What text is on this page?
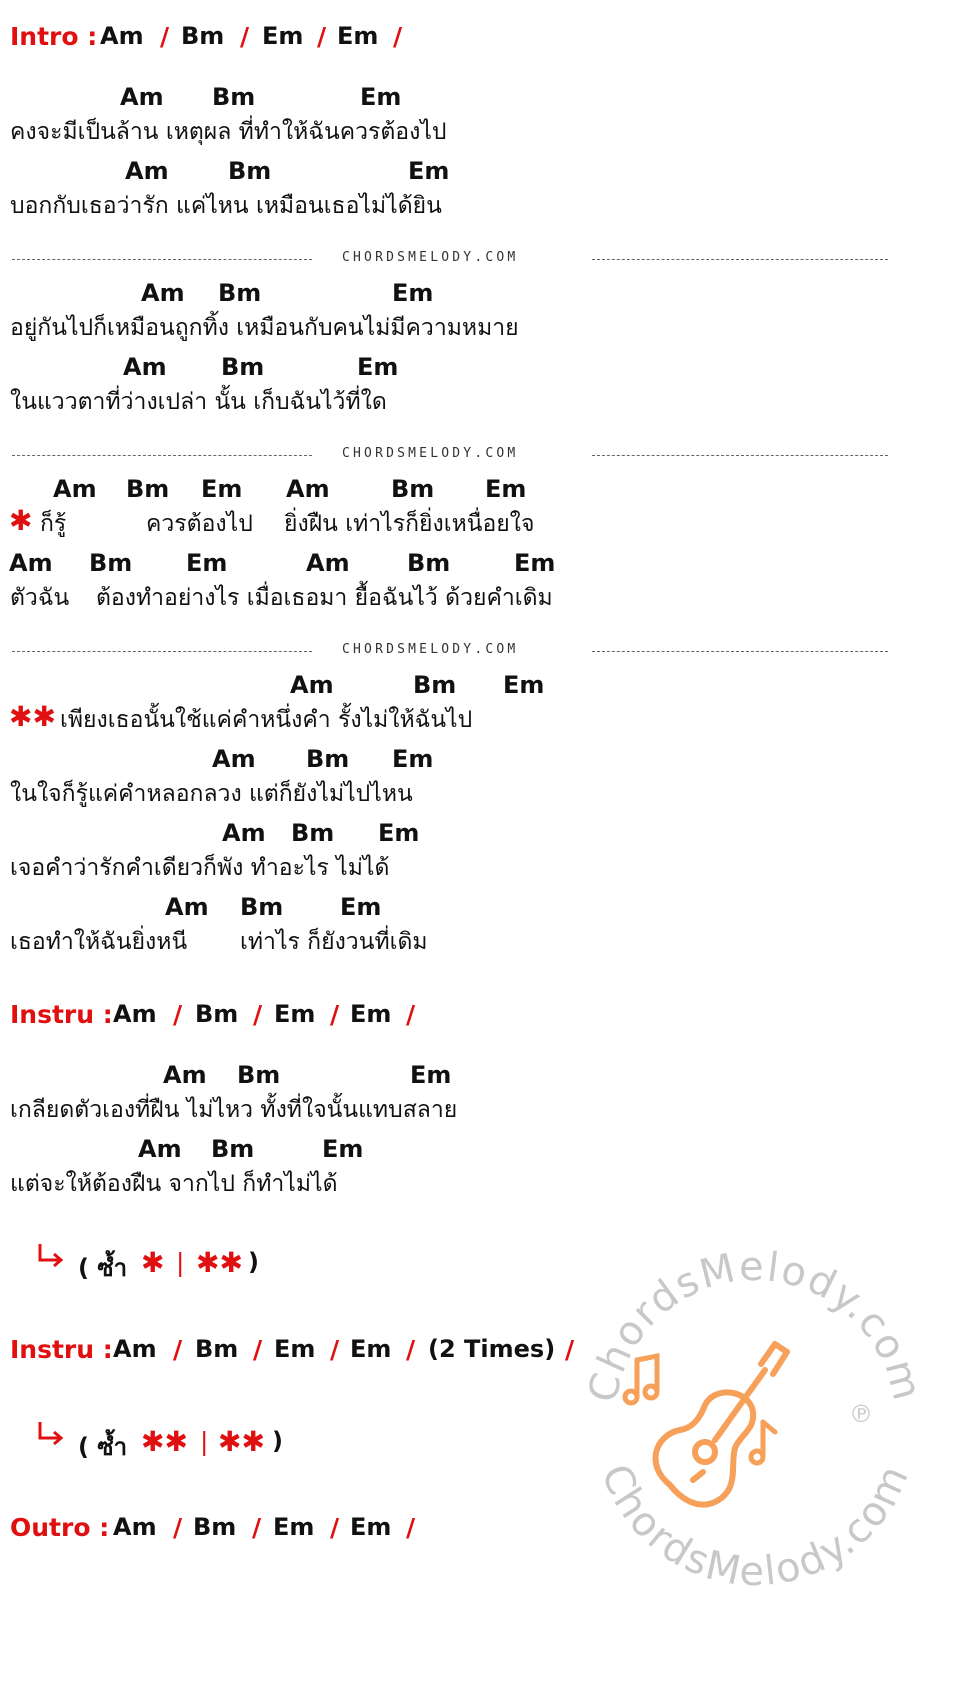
Intro : Am / Bm / Em / Em /
Am Bm	Em
คงจะมีเป็นล้าน เหตุผล ที่ทำให้ฉันควรต้องไป
Am Bm	Em
บอกกับเธอว่ารัก แค่ไหน เหมือนเธอไม่ได้ยิน
CHORDSMELODY.COM
Am Bm	Em
อยู่กันไปก็เหมือนถูกทิ้ง เหมือนกับคนไม่มีความหมาย
Am Bm	Em
ในแววตาที่ว่างเปล่า นั้น เก็บฉันไว้ที่ใด
CHORDSMELODY.COM
Am Bm Em Am	Bm Em
✱ ก็รู้	ควรต้องไป ยิ่งฝืน เท่าไรก็ยิ่งเหนื่อยใจ
Am Bm Em	Am Bm	Em
ตัวฉัน ต้องทำอย่างไร เมื่อเธอมา ยื้อฉันไว้ ด้วยคำเดิม
CHORDSMELODY.COM
Am	Bm Em
✱✱ เพียงเธอนั้นใช้แค่คำหนึ่งคำ รั้งไม่ให้ฉันไป
Am Bm Em
ในใจก็รู้แค่คำหลอกลวง แต่ก็ยังไม่ไปไหน
Am Bm Em
เจอคำว่ารักคำเดียวก็พัง ทำอะไร ไม่ได้
Am Bm Em
เธอทำให้ฉันยิ่งหนี เท่าไร ก็ยังวนที่เดิม
Instru : Am / Bm / Em / Em /
Am Bm	Em
เกลียดตัวเองที่ฝืน ไม่ไหว ทั้งที่ใจนั้นแทบสลาย
Am Bm	Em
แต่จะให้ต้องฝืน จากไป ก็ทำไม่ได้
( ซ้ำ ✱ | ✱✱ )
Instru : Am / Bm / Em / Em / (2 Times) /
( ซ้ำ ✱✱ | ✱✱ )
Outro : Am / Bm / Em / Em /
ChordsMelody.com
ChordsMelody.com
℗
